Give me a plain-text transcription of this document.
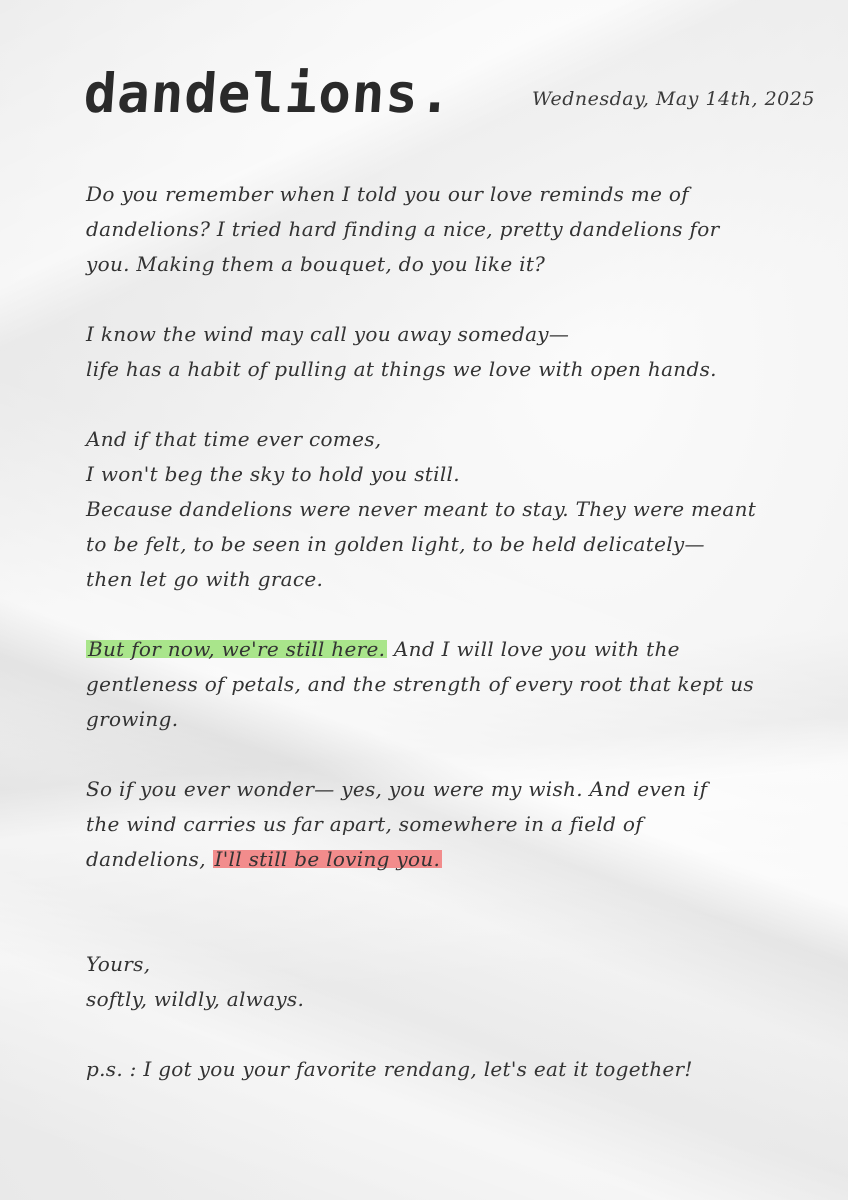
dandelions.	Wednesday, May 14th, 2025
Do you remember when I told you our love reminds me of
dandelions? I tried hard finding a nice, pretty dandelions for
you. Making them a bouquet, do you like it?
I know the wind may call you away someday—
life has a habit of pulling at things we love with open hands.
And if that time ever comes,
I won't beg the sky to hold you still.
Because dandelions were never meant to stay. They were meant
to be felt, to be seen in golden light, to be held delicately—
then let go with grace.
But for now, we're still here. And I will love you with the
gentleness of petals, and the strength of every root that kept us
growing.
So if you ever wonder— yes, you were my wish. And even if
the wind carries us far apart, somewhere in a field of
dandelions, I'll still be loving you.
Yours,
softly, wildly, always.
p.s. : I got you your favorite rendang, let's eat it together!
